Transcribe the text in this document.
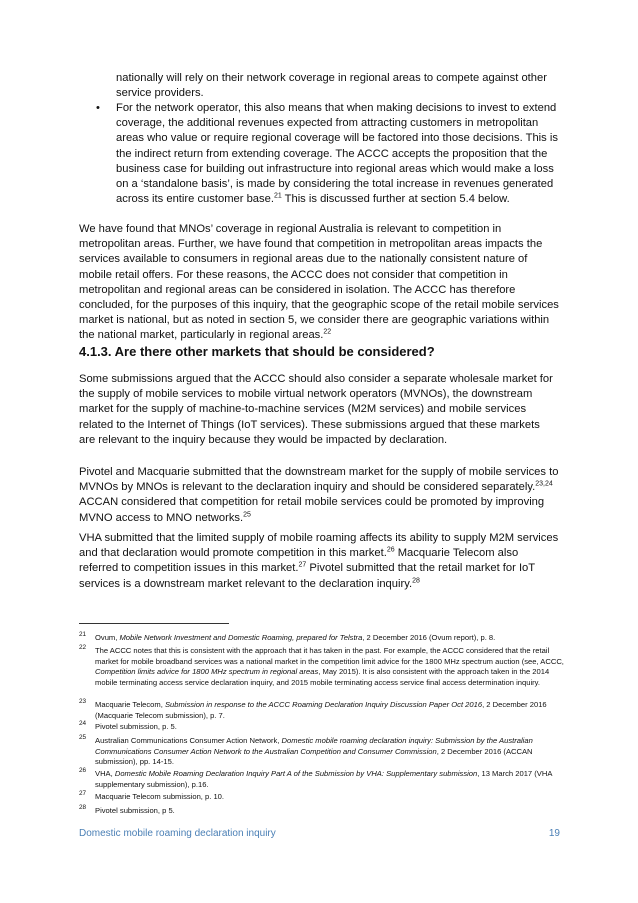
nationally will rely on their network coverage in regional areas to compete against other service providers.
•	For the network operator, this also means that when making decisions to invest to extend coverage, the additional revenues expected from attracting customers in metropolitan areas who value or require regional coverage will be factored into those decisions. This is the indirect return from extending coverage. The ACCC accepts the proposition that the business case for building out infrastructure into regional areas which would make a loss on a ‘standalone basis’, is made by considering the total increase in revenues generated across its entire customer base.$^{21}$ This is discussed further at section 5.4 below.
We have found that MNOs’ coverage in regional Australia is relevant to competition in metropolitan areas. Further, we have found that competition in metropolitan areas impacts the services available to consumers in regional areas due to the nationally consistent nature of mobile retail offers. For these reasons, the ACCC does not consider that competition in metropolitan and regional areas can be considered in isolation. The ACCC has therefore concluded, for the purposes of this inquiry, that the geographic scope of the retail mobile services market is national, but as noted in section 5, we consider there are geographic variations within the national market, particularly in regional areas.$^{22}$
4.1.3. Are there other markets that should be considered?
Some submissions argued that the ACCC should also consider a separate wholesale market for the supply of mobile services to mobile virtual network operators (MVNOs), the downstream market for the supply of machine-to-machine services (M2M services) and mobile services related to the Internet of Things (IoT services). These submissions argued that these markets are relevant to the inquiry because they would be impacted by declaration.
Pivotel and Macquarie submitted that the downstream market for the supply of mobile services to MVNOs by MNOs is relevant to the declaration inquiry and should be considered separately.$^{23,24}$ ACCAN considered that competition for retail mobile services could be promoted by improving MVNO access to MNO networks.$^{25}$
VHA submitted that the limited supply of mobile roaming affects its ability to supply M2M services and that declaration would promote competition in this market.$^{26}$ Macquarie Telecom also referred to competition issues in this market.$^{27}$ Pivotel submitted that the retail market for IoT services is a downstream market relevant to the declaration inquiry.$^{28}$
21 Ovum, Mobile Network Investment and Domestic Roaming, prepared for Telstra, 2 December 2016 (Ovum report), p. 8.
22 The ACCC notes that this is consistent with the approach that it has taken in the past. For example, the ACCC considered that the retail market for mobile broadband services was a national market in the competition limit advice for the 1800 MHz spectrum auction (see, ACCC, Competition limits advice for 1800 MHz spectrum in regional areas, May 2015). It is also consistent with the approach taken in the 2014 mobile terminating access service declaration inquiry, and 2015 mobile terminating access service final access determination inquiry.
23 Macquarie Telecom, Submission in response to the ACCC Roaming Declaration Inquiry Discussion Paper Oct 2016, 2 December 2016 (Macquarie Telecom submission), p. 7.
24 Pivotel submission, p. 5.
25 Australian Communications Consumer Action Network, Domestic mobile roaming declaration inquiry: Submission by the Australian Communications Consumer Action Network to the Australian Competition and Consumer Commission, 2 December 2016 (ACCAN submission), pp. 14-15.
26 VHA, Domestic Mobile Roaming Declaration Inquiry Part A of the Submission by VHA: Supplementary submission, 13 March 2017 (VHA supplementary submission), p.16.
27 Macquarie Telecom submission, p. 10.
28 Pivotel submission, p 5.
Domestic mobile roaming declaration inquiry	19
